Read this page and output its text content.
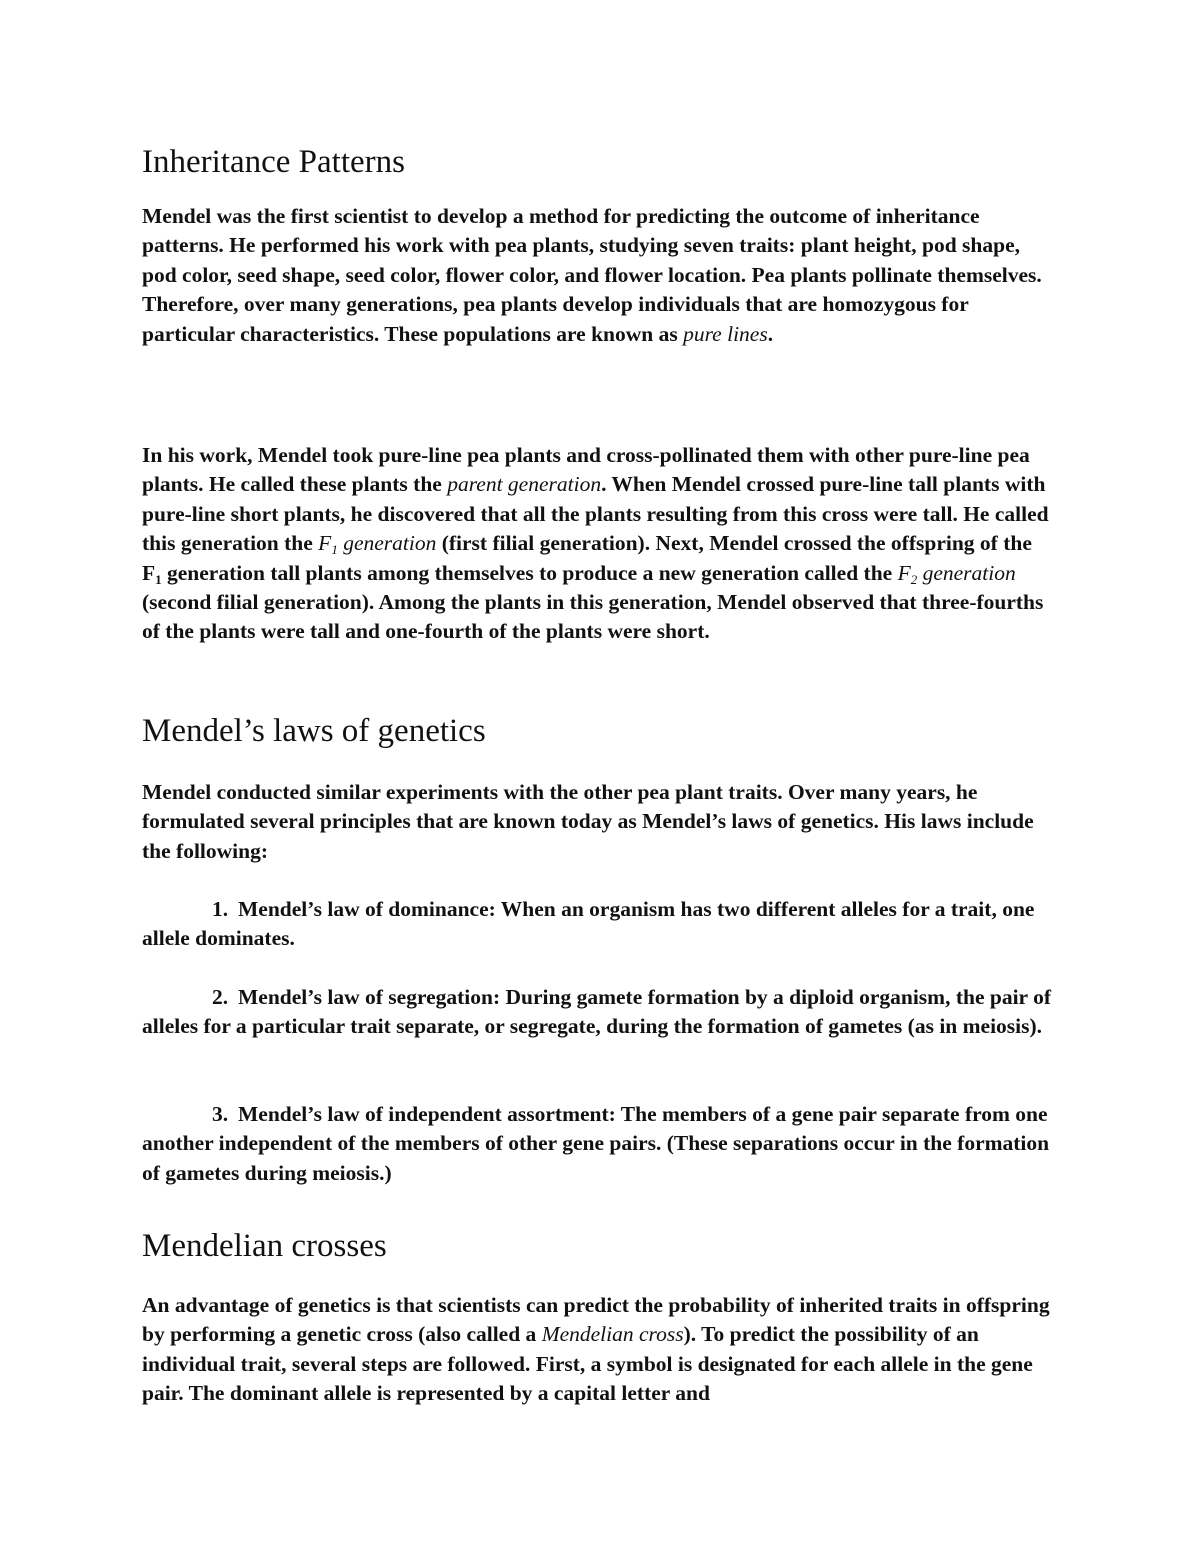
Inheritance Patterns

Mendel was the first scientist to develop a method for predicting the outcome of inheritance patterns. He performed his work with pea plants, studying seven traits: plant height, pod shape, pod color, seed shape, seed color, flower color, and flower location. Pea plants pollinate themselves. Therefore, over many generations, pea plants develop individuals that are homozygous for particular characteristics. These populations are known as pure lines.

In his work, Mendel took pure-line pea plants and cross-pollinated them with other pure-line pea plants. He called these plants the parent generation. When Mendel crossed pure-line tall plants with pure-line short plants, he discovered that all the plants resulting from this cross were tall. He called this generation the $F_1$ generation (first filial generation). Next, Mendel crossed the offspring of the $F_1$ generation tall plants among themselves to produce a new generation called the $F_2$ generation (second filial generation). Among the plants in this generation, Mendel observed that three-fourths of the plants were tall and one-fourth of the plants were short.

Mendel’s laws of genetics

Mendel conducted similar experiments with the other pea plant traits. Over many years, he formulated several principles that are known today as Mendel’s laws of genetics. His laws include the following:

1. Mendel’s law of dominance: When an organism has two different alleles for a trait, one allele dominates.

2. Mendel’s law of segregation: During gamete formation by a diploid organism, the pair of alleles for a particular trait separate, or segregate, during the formation of gametes (as in meiosis).

3. Mendel’s law of independent assortment: The members of a gene pair separate from one another independent of the members of other gene pairs. (These separations occur in the formation of gametes during meiosis.)

Mendelian crosses

An advantage of genetics is that scientists can predict the probability of inherited traits in offspring by performing a genetic cross (also called a Mendelian cross). To predict the possibility of an individual trait, several steps are followed. First, a symbol is designated for each allele in the gene pair. The dominant allele is represented by a capital letter and
